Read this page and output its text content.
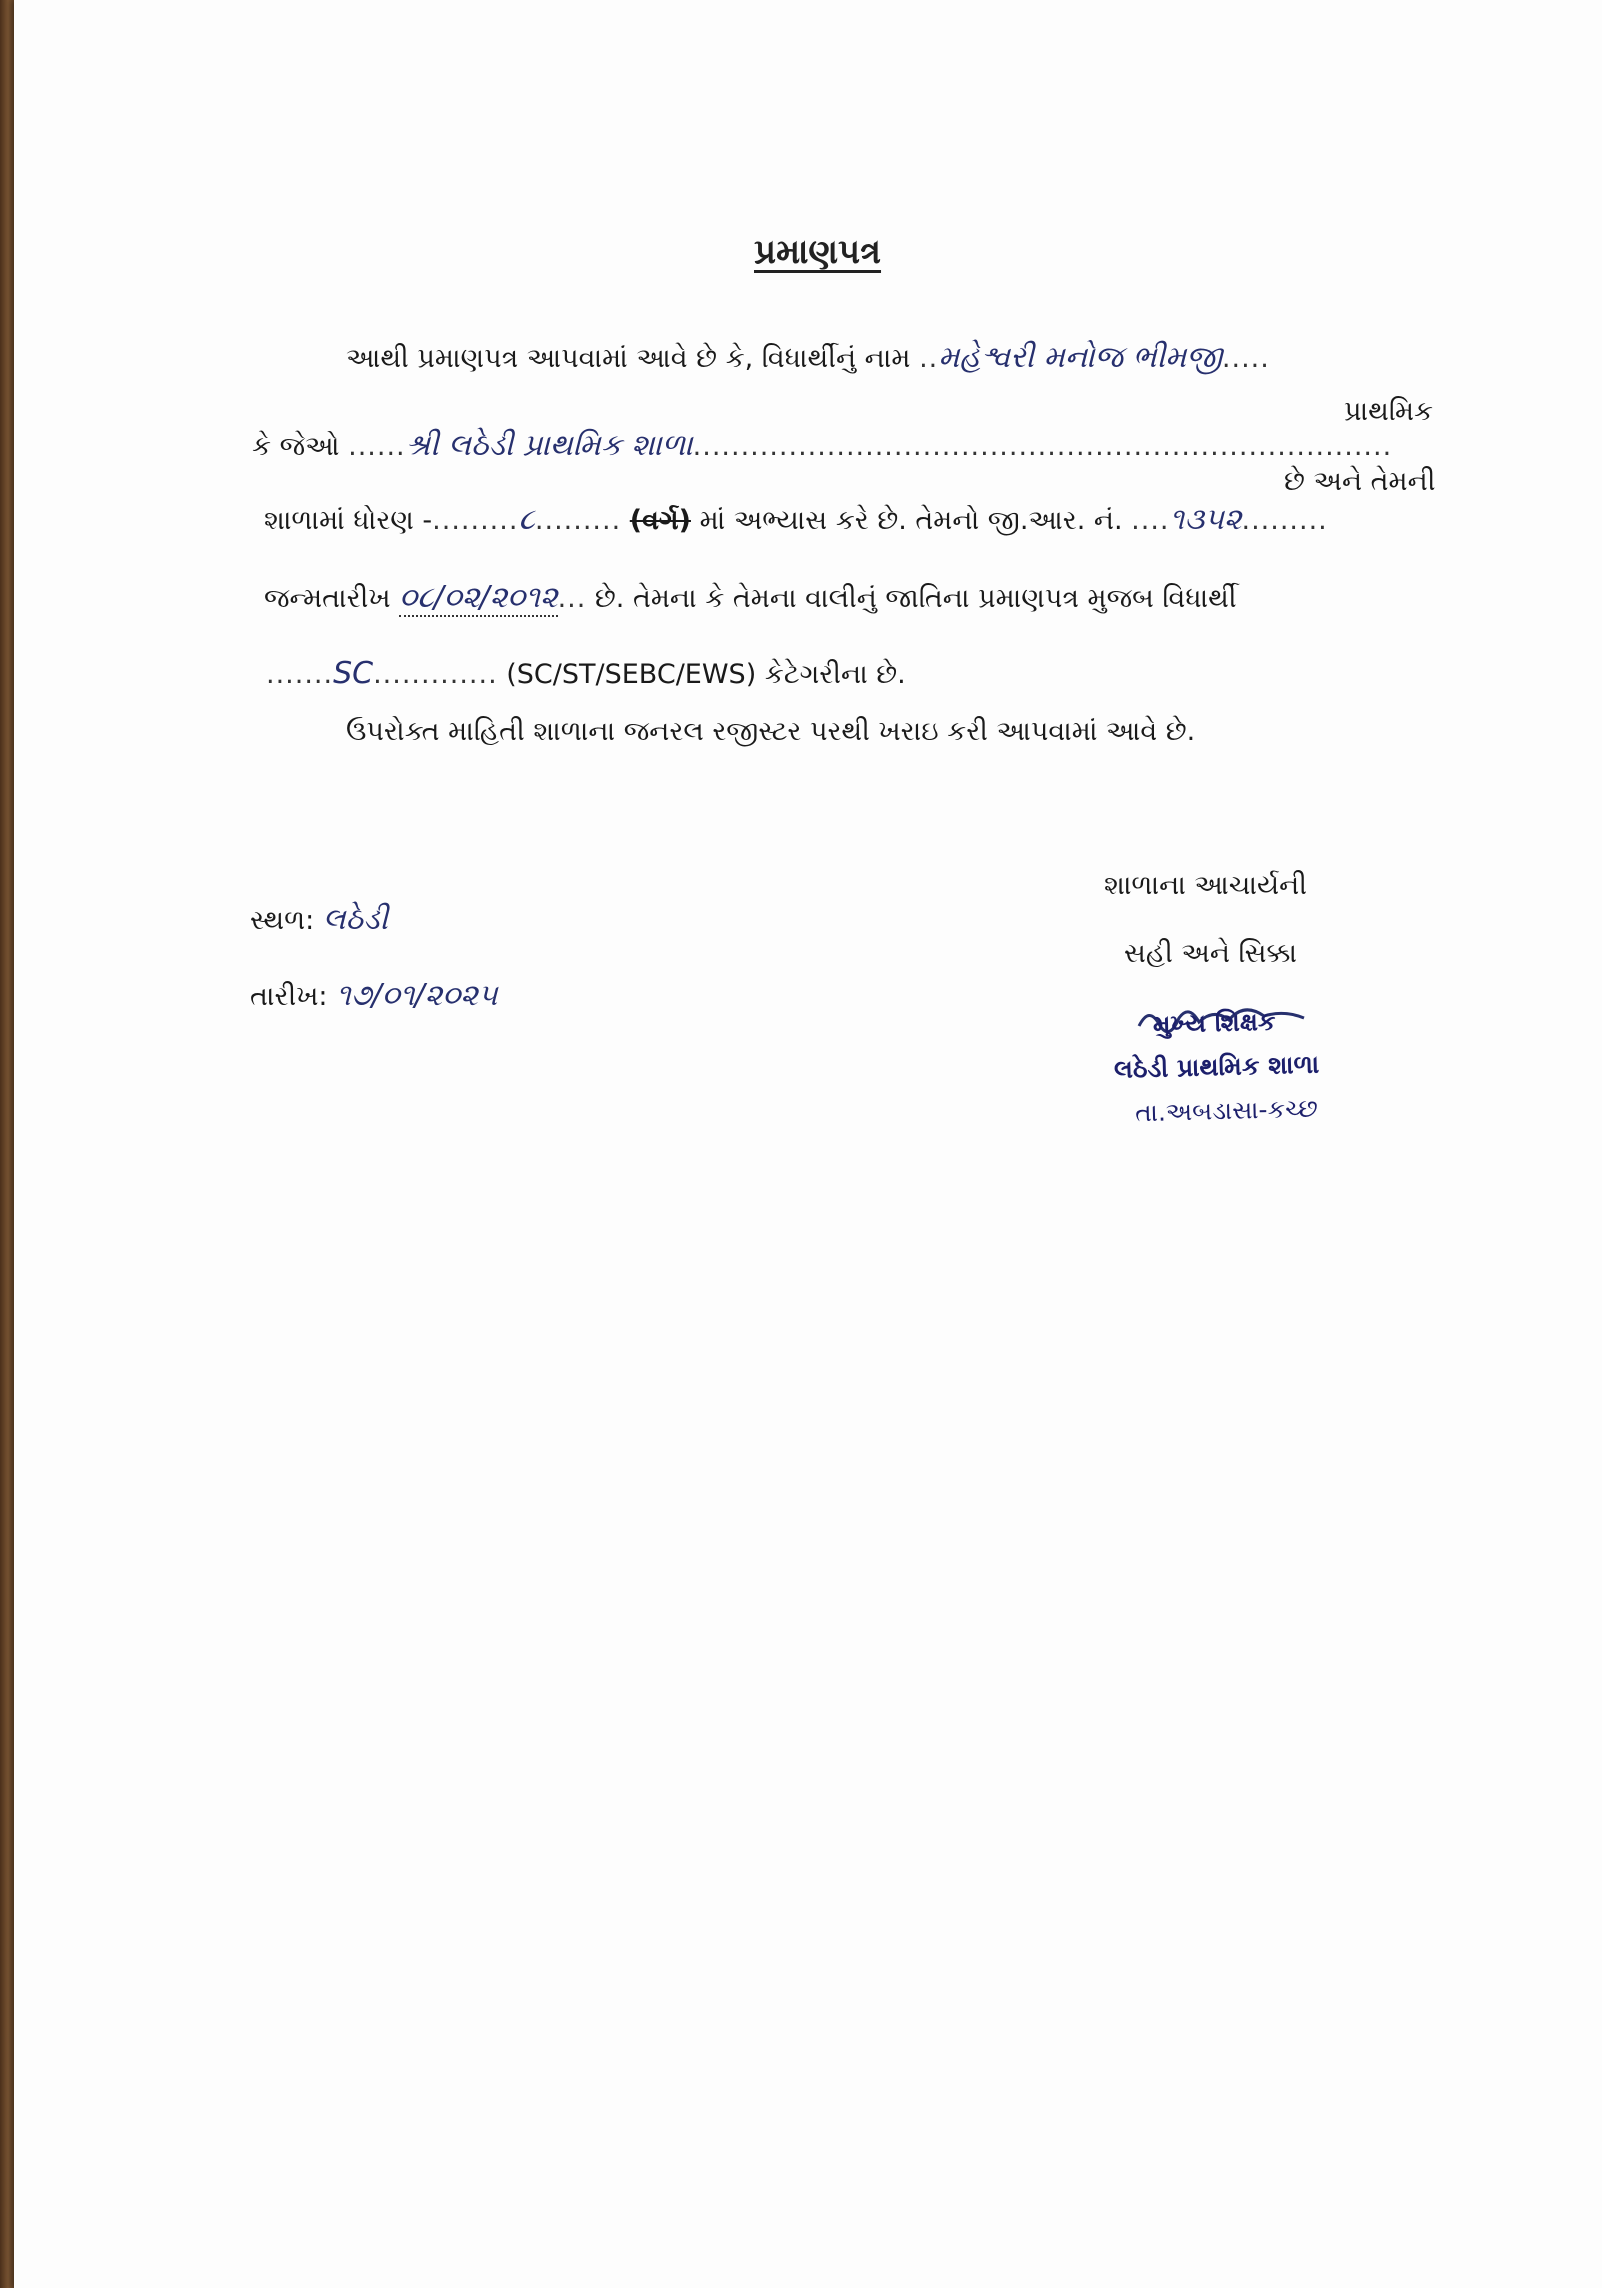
પ્રમાણપત્ર
આથી પ્રમાણપત્ર આપવામાં આવે છે કે, વિધાર્થીનું નામ ..મહેશ્વરી મનોજ ભીમજી.....
કે જેઓ ......શ્રી લઠેડી પ્રાથમિક શાળા.........................................................................
પ્રાથમિક
શાળામાં ધોરણ -.........૮......... (વર્ગ) માં અભ્યાસ કરે છે. તેમનો જી.આર. નં. ....૧૩૫૨.........
છે અને તેમની
જન્મતારીખ ૦૮/૦૨/૨૦૧૨... છે. તેમના કે તેમના વાલીનું જાતિના પ્રમાણપત્ર મુજબ વિધાર્થી
.......SC............. (SC/ST/SEBC/EWS) કેટેગરીના છે.
ઉપરોક્ત માહિતી શાળાના જનરલ રજીસ્ટર પરથી ખરાઇ કરી આપવામાં આવે છે.
સ્થળ: લઠેડી
તારીખ: ૧૭/૦૧/૨૦૨૫
શાળાના આચાર્યની
સહી અને સિક્કા
મુખ્ય શિક્ષક
લઠેડી પ્રાથમિક શાળા
તા.અબડાસા-કચ્છ
